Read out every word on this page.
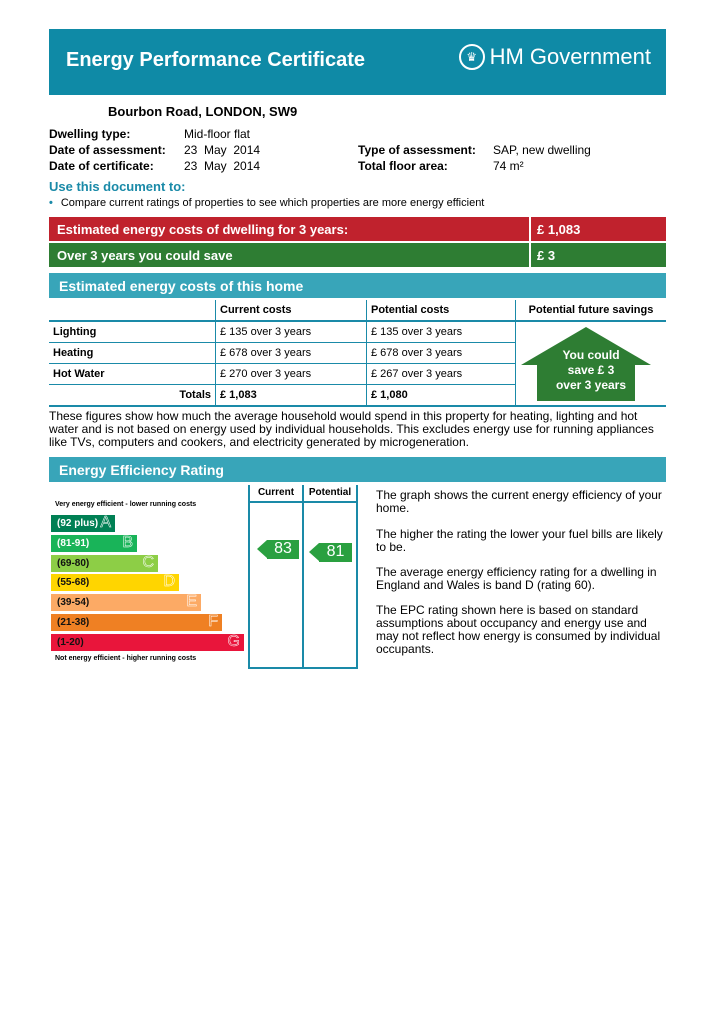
Energy Performance Certificate	♛ HM Government
Bourbon Road, LONDON, SW9
Dwelling type:	Mid-floor flat
Date of assessment: 23  May  2014
Date of certificate:	23  May  2014
Type of assessment: SAP, new dwelling
Total floor area:	74 m²
Use this document to:
• Compare current ratings of properties to see which properties are more energy efficient
Estimated energy costs of dwelling for 3 years:	£ 1,083
Over 3 years you could save	£ 3
Estimated energy costs of this home
	Current costs	Potential costs	Potential future savings
Lighting	£ 135 over 3 years	£ 135 over 3 years	You could
save £ 3
over 3 years

Heating	£ 678 over 3 years	£ 678 over 3 years	
Hot Water	£ 270 over 3 years	£ 267 over 3 years	
Totals	£ 1,083	£ 1,080	
These figures show how much the average household would spend in this property for heating, lighting and hot water and is not based on energy used by individual households. This excludes energy use for running appliances like TVs, computers and cookers, and electricity generated by microgeneration.
Energy Efficiency Rating
Very energy efficient - lower running costs
(92 plus) A
(81-91) B
(69-80)	C
(55-68)	D
(39-54)	E
(21-38)	F
(1-20)	G
Not energy efficient - higher running costs
Current	Potential
83	81
The graph shows the current energy efficiency of your home.
The higher the rating the lower your fuel bills are likely to be.
The average energy efficiency rating for a dwelling in England and Wales is band D (rating 60).
The EPC rating shown here is based on standard assumptions about occupancy and energy use and may not reflect how energy is consumed by individual occupants.
